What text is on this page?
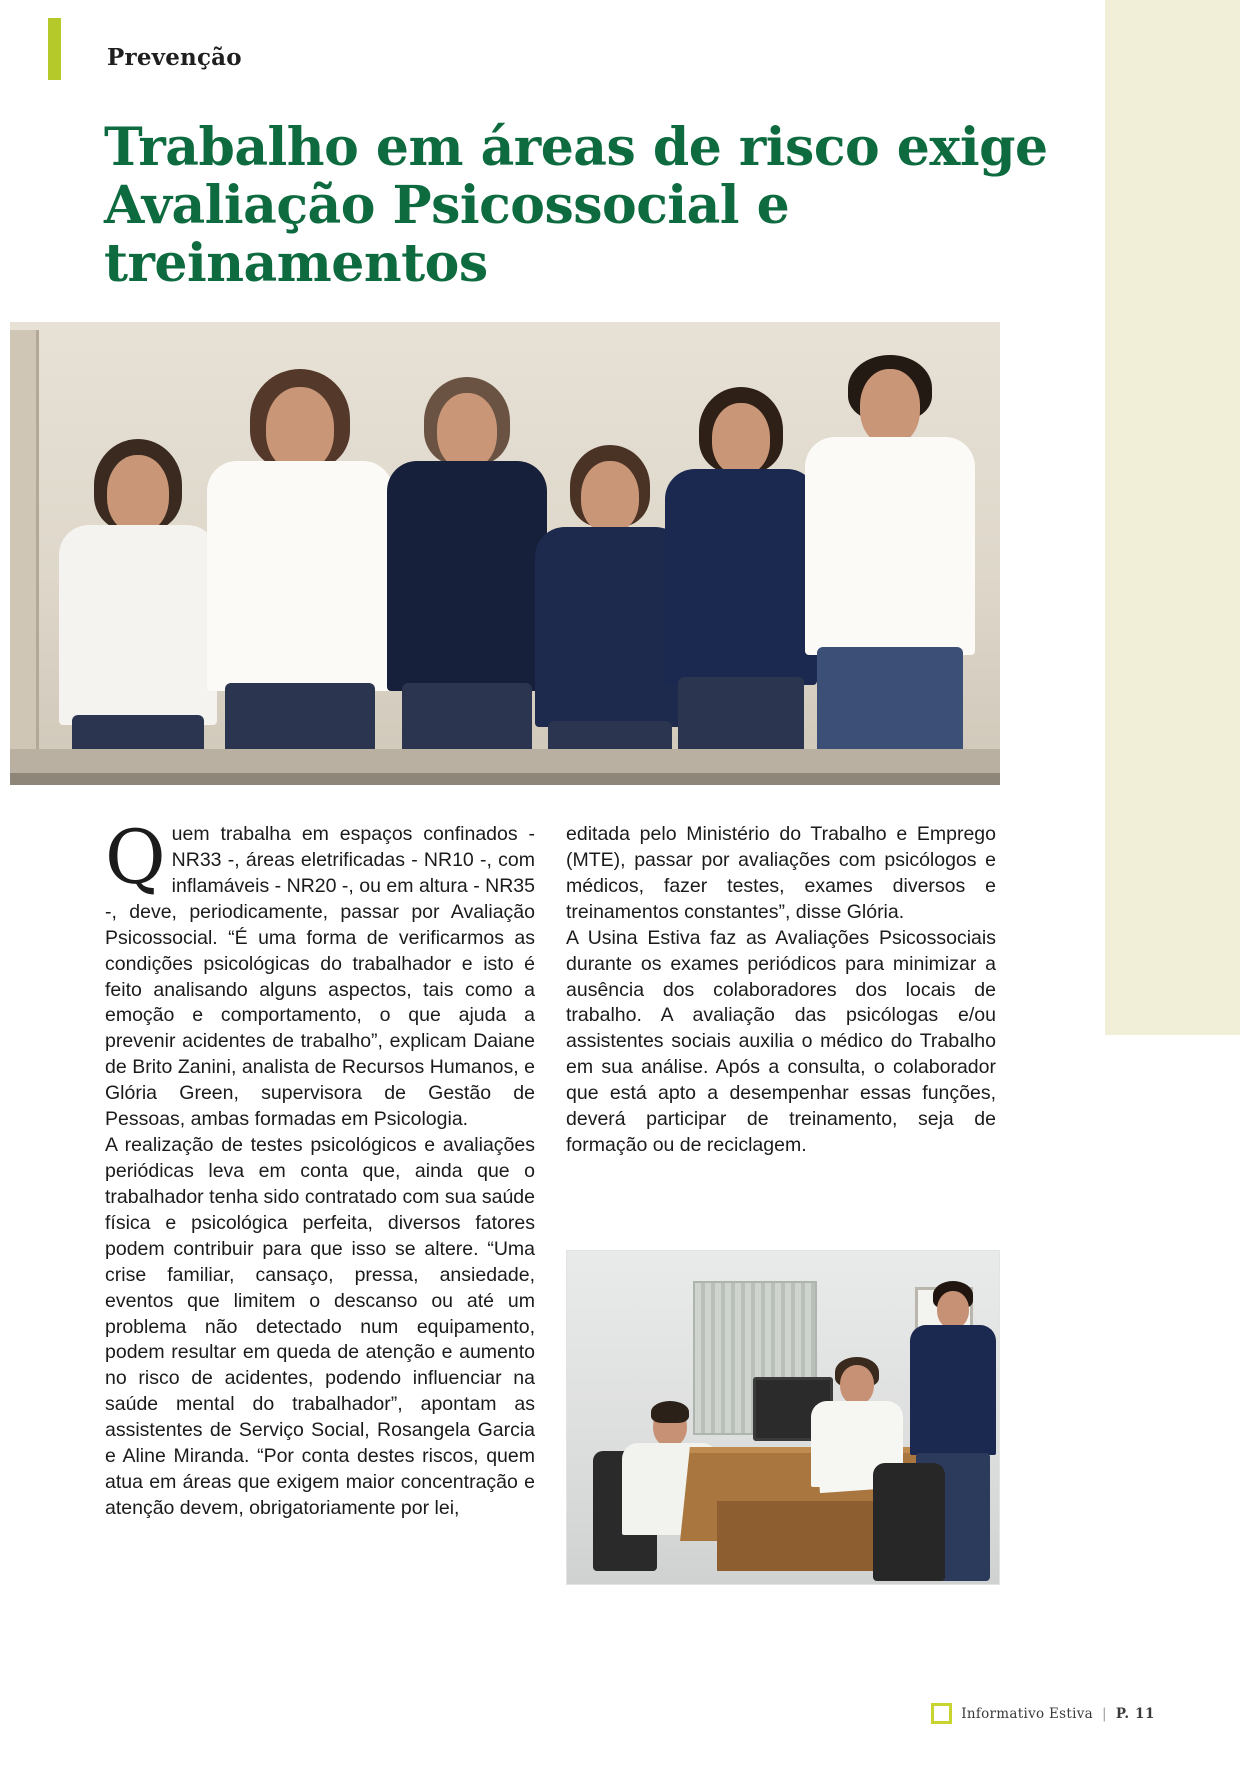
Prevenção
Trabalho em áreas de risco exige Avaliação Psicossocial e treinamentos

Quem trabalha em espaços confinados - NR33 -, áreas eletrificadas - NR10 -, com inflamáveis - NR20 -, ou em altura - NR35 -, deve, periodicamente, passar por Avaliação Psicossocial. “É uma forma de verificarmos as condições psicológicas do trabalhador e isto é feito analisando alguns aspectos, tais como a emoção e comportamento, o que ajuda a prevenir acidentes de trabalho”, explicam Daiane de Brito Zanini, analista de Recursos Humanos, e Glória Green, supervisora de Gestão de Pessoas, ambas formadas em Psicologia.

A realização de testes psicológicos e avaliações periódicas leva em conta que, ainda que o trabalhador tenha sido contratado com sua saúde física e psicológica perfeita, diversos fatores podem contribuir para que isso se altere. “Uma crise familiar, cansaço, pressa, ansiedade, eventos que limitem o descanso ou até um problema não detectado num equipamento, podem resultar em queda de atenção e aumento no risco de acidentes, podendo influenciar na saúde mental do trabalhador”, apontam as assistentes de Serviço Social, Rosangela Garcia e Aline Miranda. “Por conta destes riscos, quem atua em áreas que exigem maior concentração e atenção devem, obrigatoriamente por lei,

editada pelo Ministério do Trabalho e Emprego (MTE), passar por avaliações com psicólogos e médicos, fazer testes, exames diversos e treinamentos constantes”, disse Glória.

A Usina Estiva faz as Avaliações Psicossociais durante os exames periódicos para minimizar a ausência dos colaboradores dos locais de trabalho. A avaliação das psicólogas e/ou assistentes sociais auxilia o médico do Trabalho em sua análise. Após a consulta, o colaborador que está apto a desempenhar essas funções, deverá participar de treinamento, seja de formação ou de reciclagem.

Informativo Estiva | P. 11
